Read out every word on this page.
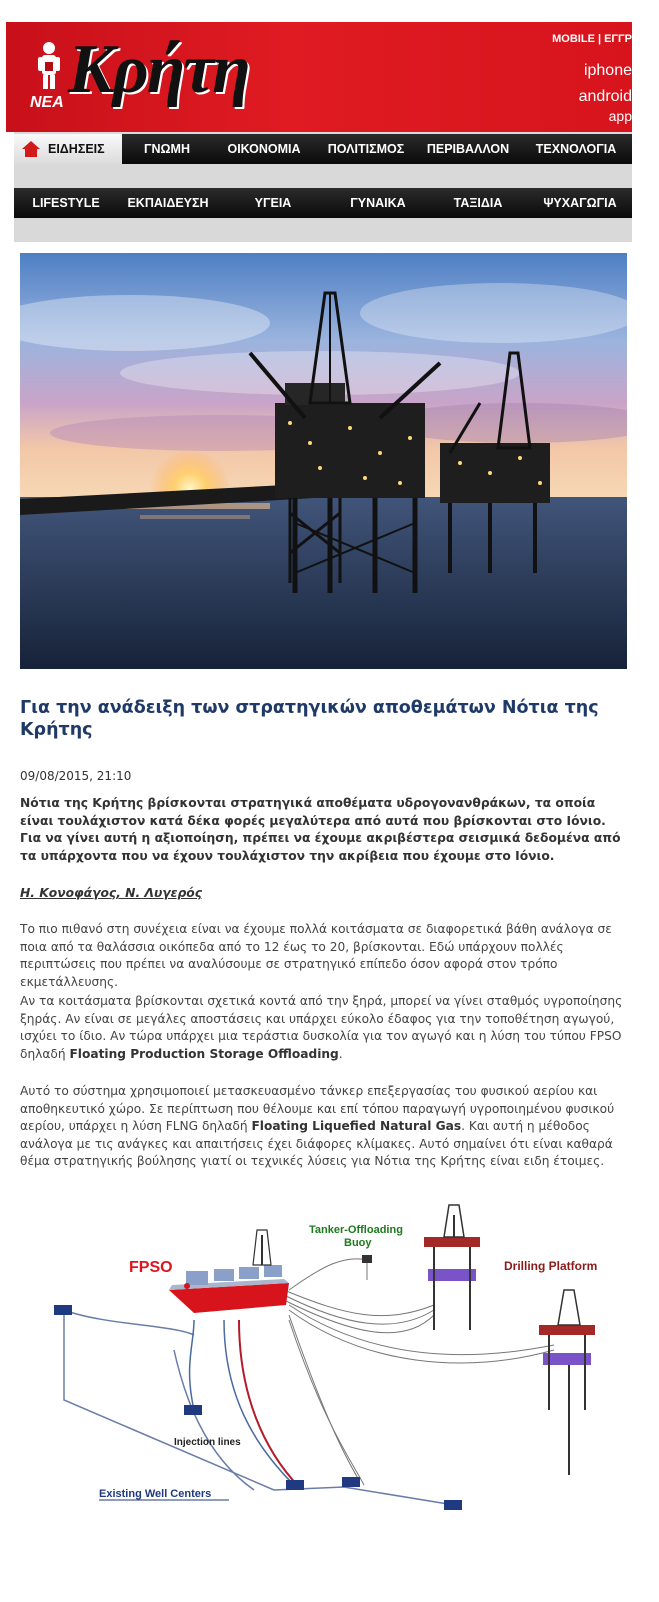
ΝΕΑ Κρήτη	MOBILE | ΕΓΓΡ
iphone
android
app
ΕΙΔΗΣΕΙΣ	ΓΝΩΜΗ	ΟΙΚΟΝΟΜΙΑ	ΠΟΛΙΤΙΣΜΟΣ	ΠΕΡΙΒΑΛΛΟΝ	ΤΕΧΝΟΛΟΓΙΑ
LIFESTYLE	ΕΚΠΑΙΔΕΥΣΗ	ΥΓΕΙΑ	ΓΥΝΑΙΚΑ	ΤΑΞΙΔΙΑ	ΨΥΧΑΓΩΓΙΑ
Για την ανάδειξη των στρατηγικών αποθεμάτων Νότια της Κρήτης
09/08/2015, 21:10

Νότια της Κρήτης βρίσκονται στρατηγικά αποθέματα υδρογονανθράκων, τα οποία είναι τουλάχιστον κατά δέκα φορές μεγαλύτερα από αυτά που βρίσκονται στο Ιόνιο. Για να γίνει αυτή η αξιοποίηση, πρέπει να έχουμε ακριβέστερα σεισμικά δεδομένα από τα υπάρχοντα που να έχουν τουλάχιστον την ακρίβεια που έχουμε στο Ιόνιο.

Η. Κονοφάγος, Ν. Λυγερός

Το πιο πιθανό στη συνέχεια είναι να έχουμε πολλά κοιτάσματα σε διαφορετικά βάθη ανάλογα σε ποια από τα θαλάσσια οικόπεδα από το 12 έως το 20, βρίσκονται. Εδώ υπάρχουν πολλές περιπτώσεις που πρέπει να αναλύσουμε σε στρατηγικό επίπεδο όσον αφορά στον τρόπο εκμετάλλευσης.

Αν τα κοιτάσματα βρίσκονται σχετικά κοντά από την ξηρά, μπορεί να γίνει σταθμός υγροποίησης ξηράς. Αν είναι σε μεγάλες αποστάσεις και υπάρχει εύκολο έδαφος για την τοποθέτηση αγωγού, ισχύει το ίδιο. Αν τώρα υπάρχει μια τεράστια δυσκολία για τον αγωγό και η λύση του τύπου FPSO δηλαδή Floating Production Storage Offloading.

Αυτό το σύστημα χρησιμοποιεί μετασκευασμένο τάνκερ επεξεργασίας του φυσικού αερίου και αποθηκευτικό χώρο. Σε περίπτωση που θέλουμε και επί τόπου παραγωγή υγροποιημένου φυσικού αερίου, υπάρχει η λύση FLNG δηλαδή Floating Liquefied Natural Gas. Και αυτή η μέθοδος ανάλογα με τις ανάγκες και απαιτήσεις έχει διάφορες κλίμακες. Αυτό σημαίνει ότι είναι καθαρά θέμα στρατηγικής βούλησης γιατί οι τεχνικές λύσεις για Νότια της Κρήτης είναι ειδη έτοιμες.

FPSO
Tanker-Offloading
Buoy
Drilling Platform
Injection lines
Existing Well Centers
